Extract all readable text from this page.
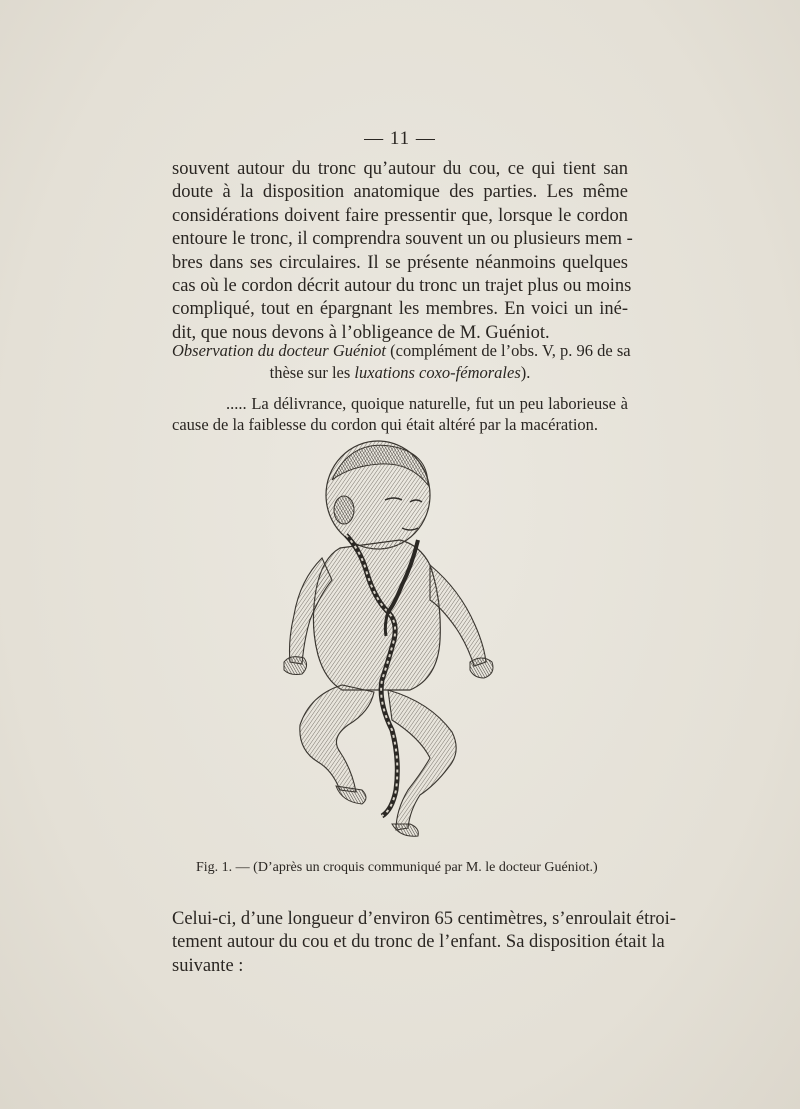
— 11 —
souvent autour du tronc qu’autour du cou, ce qui tient san
doute à la disposition anatomique des parties. Les même
considérations doivent faire pressentir que, lorsque le cordon
entoure le tronc, il comprendra souvent un ou plusieurs mem -
bres dans ses circulaires. Il se présente néanmoins quelques
cas où le cordon décrit autour du tronc un trajet plus ou moins
compliqué, tout en épargnant les membres. En voici un iné-
dit, que nous devons à l’obligeance de M. Guéniot.
Observation du docteur Guéniot (complément de l’obs. V, p. 96 de sa
thèse sur les luxations coxo-fémorales).
..... La délivrance, quoique naturelle, fut un peu laborieuse à
cause de la faiblesse du cordon qui était altéré par la macération.
Fig. 1. — (D’après un croquis communiqué par M. le docteur Guéniot.)
Celui-ci, d’une longueur d’environ 65 centimètres, s’enroulait étroi-
tement autour du cou et du tronc de l’enfant. Sa disposition était la
suivante :
